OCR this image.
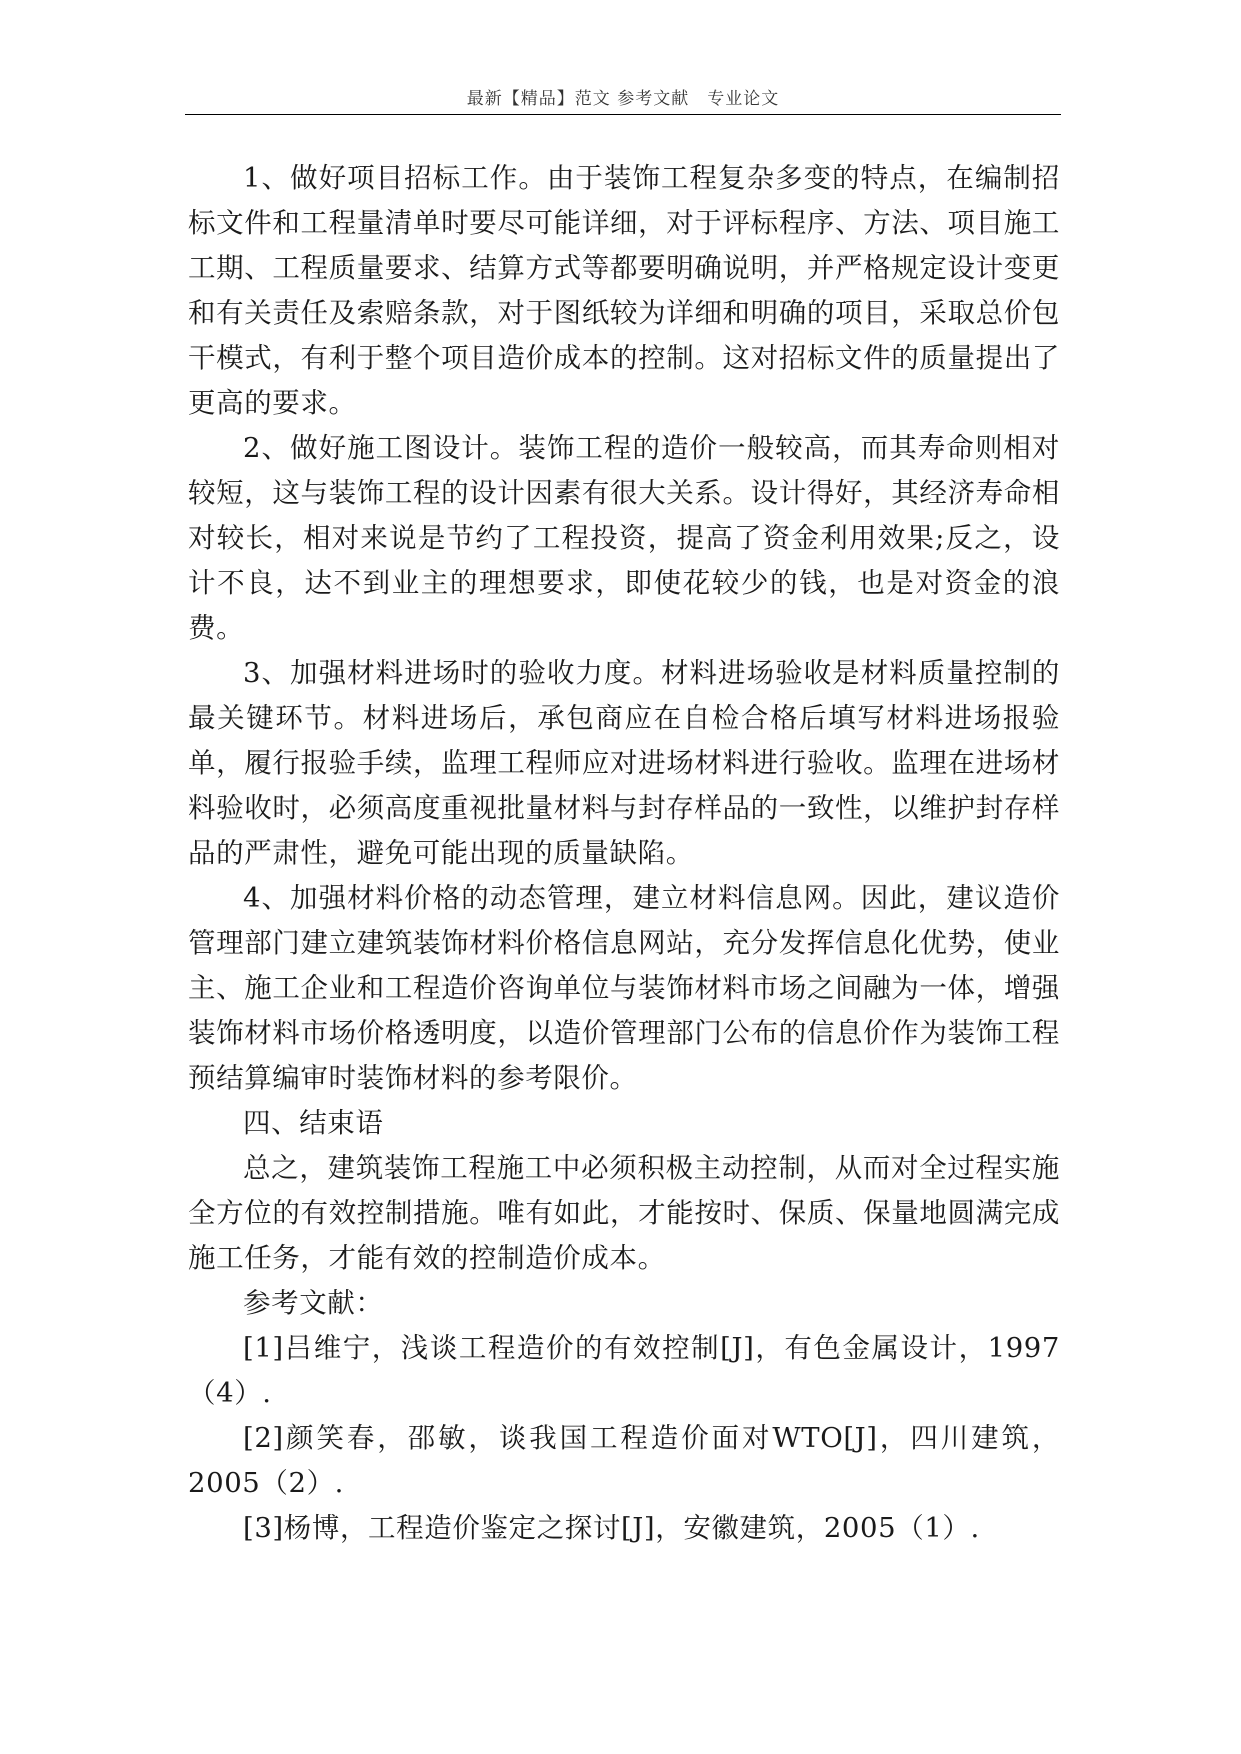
最新【精品】范文 参考文献　专业论文

1、做好项目招标工作。由于装饰工程复杂多变的特点，在编制招标文件和工程量清单时要尽可能详细，对于评标程序、方法、项目施工工期、工程质量要求、结算方式等都要明确说明，并严格规定设计变更和有关责任及索赔条款，对于图纸较为详细和明确的项目，采取总价包干模式，有利于整个项目造价成本的控制。这对招标文件的质量提出了更高的要求。

2、做好施工图设计。装饰工程的造价一般较高，而其寿命则相对较短，这与装饰工程的设计因素有很大关系。设计得好，其经济寿命相对较长，相对来说是节约了工程投资，提高了资金利用效果;反之，设计不良，达不到业主的理想要求，即使花较少的钱，也是对资金的浪费。

3、加强材料进场时的验收力度。材料进场验收是材料质量控制的最关键环节。材料进场后，承包商应在自检合格后填写材料进场报验单，履行报验手续，监理工程师应对进场材料进行验收。监理在进场材料验收时，必须高度重视批量材料与封存样品的一致性，以维护封存样品的严肃性，避免可能出现的质量缺陷。

4、加强材料价格的动态管理，建立材料信息网。因此，建议造价管理部门建立建筑装饰材料价格信息网站，充分发挥信息化优势，使业主、施工企业和工程造价咨询单位与装饰材料市场之间融为一体，增强装饰材料市场价格透明度，以造价管理部门公布的信息价作为装饰工程预结算编审时装饰材料的参考限价。

四、结束语

总之，建筑装饰工程施工中必须积极主动控制，从而对全过程实施全方位的有效控制措施。唯有如此，才能按时、保质、保量地圆满完成施工任务，才能有效的控制造价成本。

参考文献：

[1]吕维宁，浅谈工程造价的有效控制[J]，有色金属设计，1997（4）.

[2]颜笑春，邵敏，谈我国工程造价面对WTO[J]，四川建筑，2005（2）.

[3]杨博，工程造价鉴定之探讨[J]，安徽建筑，2005（1）.
